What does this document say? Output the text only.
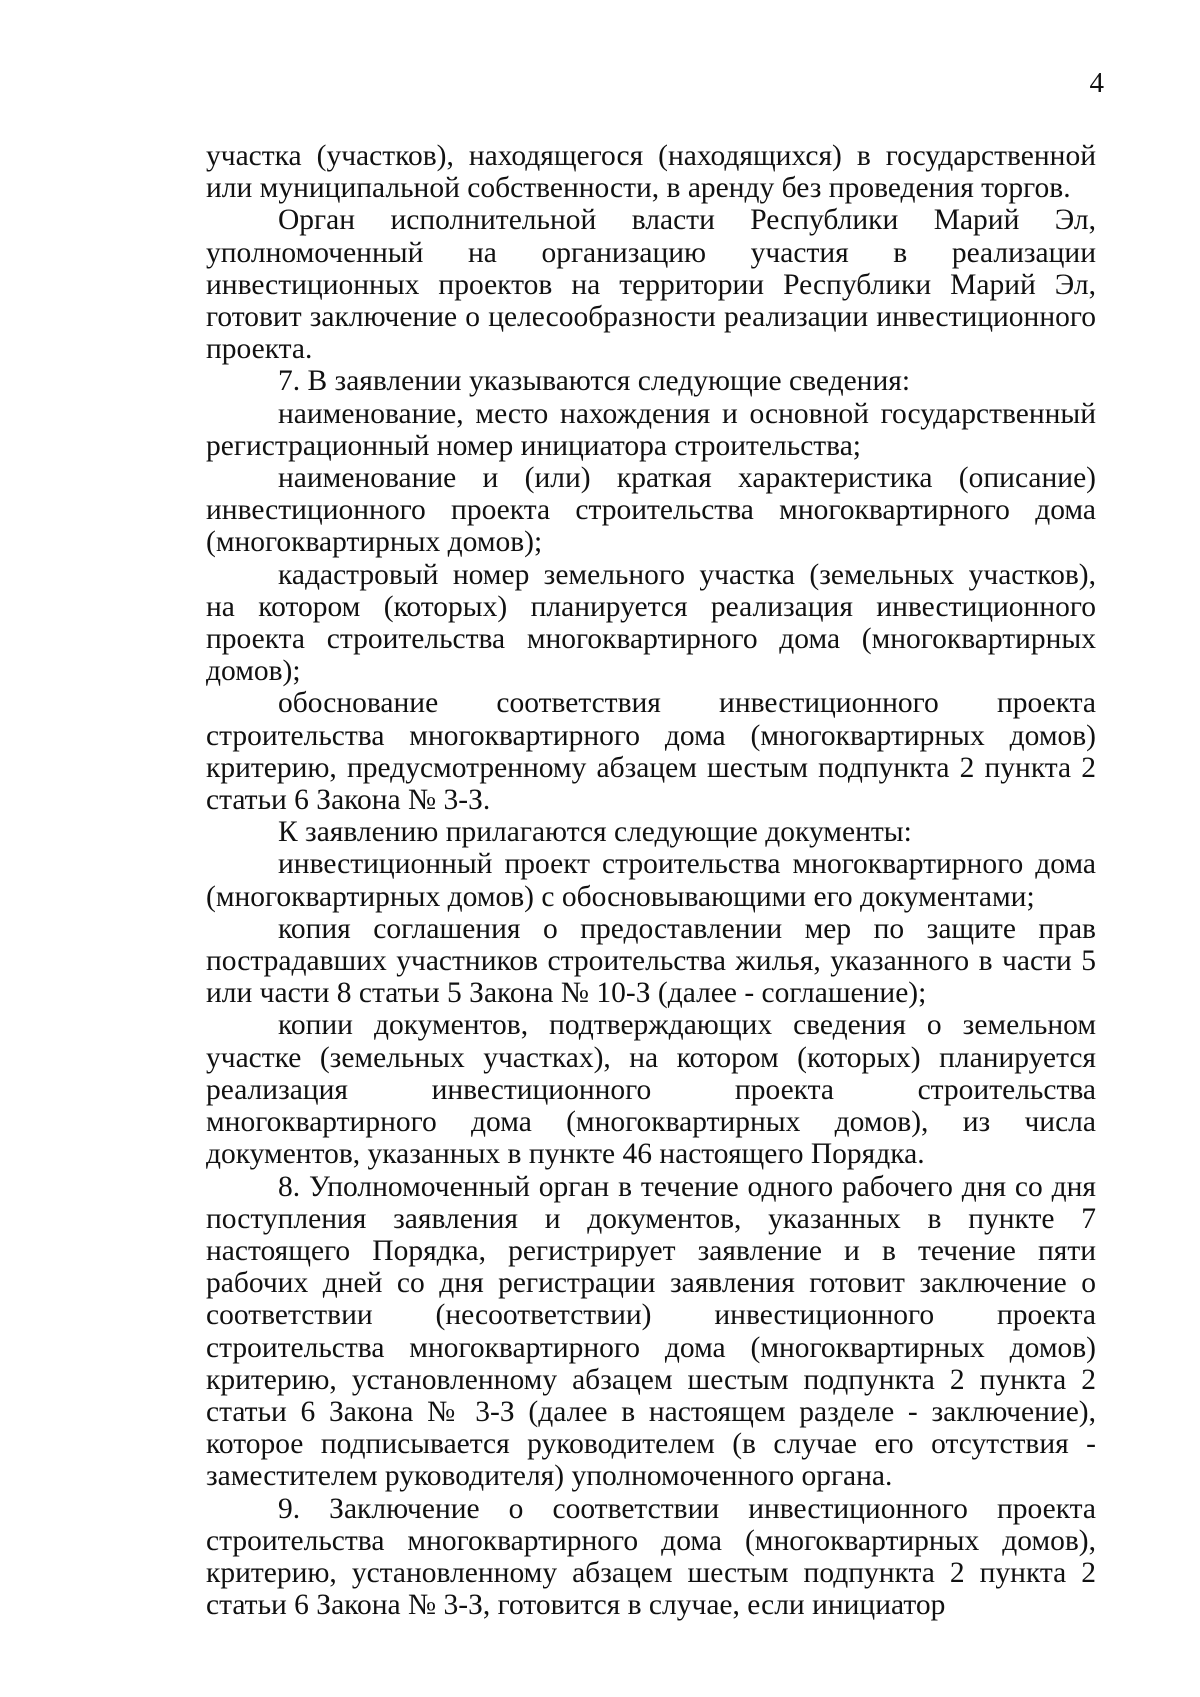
4

участка (участков), находящегося (находящихся) в государственной или муниципальной собственности, в аренду без проведения торгов.

Орган исполнительной власти Республики Марий Эл, уполномоченный на организацию участия в реализации инвестиционных проектов на территории Республики Марий Эл, готовит заключение о целесообразности реализации инвестиционного проекта.

7. В заявлении указываются следующие сведения:

наименование, место нахождения и основной государственный регистрационный номер инициатора строительства;

наименование и (или) краткая характеристика (описание) инвестиционного проекта строительства многоквартирного дома (многоквартирных домов);

кадастровый номер земельного участка (земельных участков), на котором (которых) планируется реализация инвестиционного проекта строительства многоквартирного дома (многоквартирных домов);

обоснование соответствия инвестиционного проекта строительства многоквартирного дома (многоквартирных домов) критерию, предусмотренному абзацем шестым подпункта 2 пункта 2 статьи 6 Закона № 3-З.

К заявлению прилагаются следующие документы:

инвестиционный проект строительства многоквартирного дома (многоквартирных домов) с обосновывающими его документами;

копия соглашения о предоставлении мер по защите прав пострадавших участников строительства жилья, указанного в части 5 или части 8 статьи 5 Закона № 10-З (далее - соглашение);

копии документов, подтверждающих сведения о земельном участке (земельных участках), на котором (которых) планируется реализация инвестиционного проекта строительства многоквартирного дома (многоквартирных домов), из числа документов, указанных в пункте 46 настоящего Порядка.

8. Уполномоченный орган в течение одного рабочего дня со дня поступления заявления и документов, указанных в пункте 7 настоящего Порядка, регистрирует заявление и в течение пяти рабочих дней со дня регистрации заявления готовит заключение о соответствии (несоответствии) инвестиционного проекта строительства многоквартирного дома (многоквартирных домов) критерию, установленному абзацем шестым подпункта 2 пункта 2 статьи 6 Закона № 3-З (далее в настоящем разделе - заключение), которое подписывается руководителем (в случае его отсутствия - заместителем руководителя) уполномоченного органа.

9. Заключение о соответствии инвестиционного проекта строительства многоквартирного дома (многоквартирных домов), критерию, установленному абзацем шестым подпункта 2 пункта 2 статьи 6 Закона № 3-З, готовится в случае, если инициатор
